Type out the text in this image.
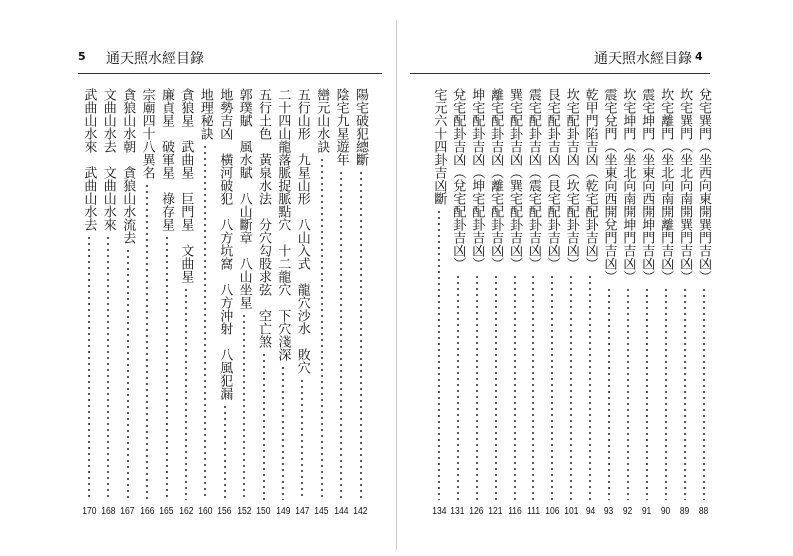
5 通天照水經目錄
陽宅破犯總斷
142
陰宅九星遊年
144
巒元山水訣
145
五行山形　九星山形　八山入式　龍穴沙水　敗穴
147
二十四山龍落脈捉脈點穴　十二龍穴　下穴淺深
149
五行土色　黃泉水法　分穴勾股求弦　空亡煞
150
郭璞賦　風水賦　八山斷章　八山坐星
152
地勢吉凶　橫河破犯　八方坑窩　八方沖射　八風犯漏
156
地理秘訣
160
貪狼星　武曲星　巨門星　文曲星
162
廉貞星　破軍星　祿存星
165
宗廟四十八異名
166
貪狼山水朝　貪狼山水流去
167
文曲山水去　文曲山水來
168
武曲山水來　武曲山水去
170
通天照水經目錄 4
兌宅巽門（坐西向東開巽門吉凶）
88
坎宅巽門（坐北向南開巽門吉凶）
89
坎宅離門（坐北向南開離門吉凶）
90
震宅坤門（坐東向西開坤門吉凶）
91
坎宅坤門（坐北向南開坤門吉凶）
92
震宅兌門（坐東向西開兌門吉凶）
93
乾甲門陷吉凶（乾宅配卦吉凶）
94
坎宅配卦吉凶（坎宅配卦吉凶）
101
艮宅配卦吉凶（艮宅配卦吉凶）
106
震宅配卦吉凶（震宅配卦吉凶）
111
巽宅配卦吉凶（巽宅配卦吉凶）
116
離宅配卦吉凶（離宅配卦吉凶）
121
坤宅配卦吉凶（坤宅配卦吉凶）
126
兌宅配卦吉凶（兌宅配卦吉凶）
131
宅元六十四卦吉凶斷
134
